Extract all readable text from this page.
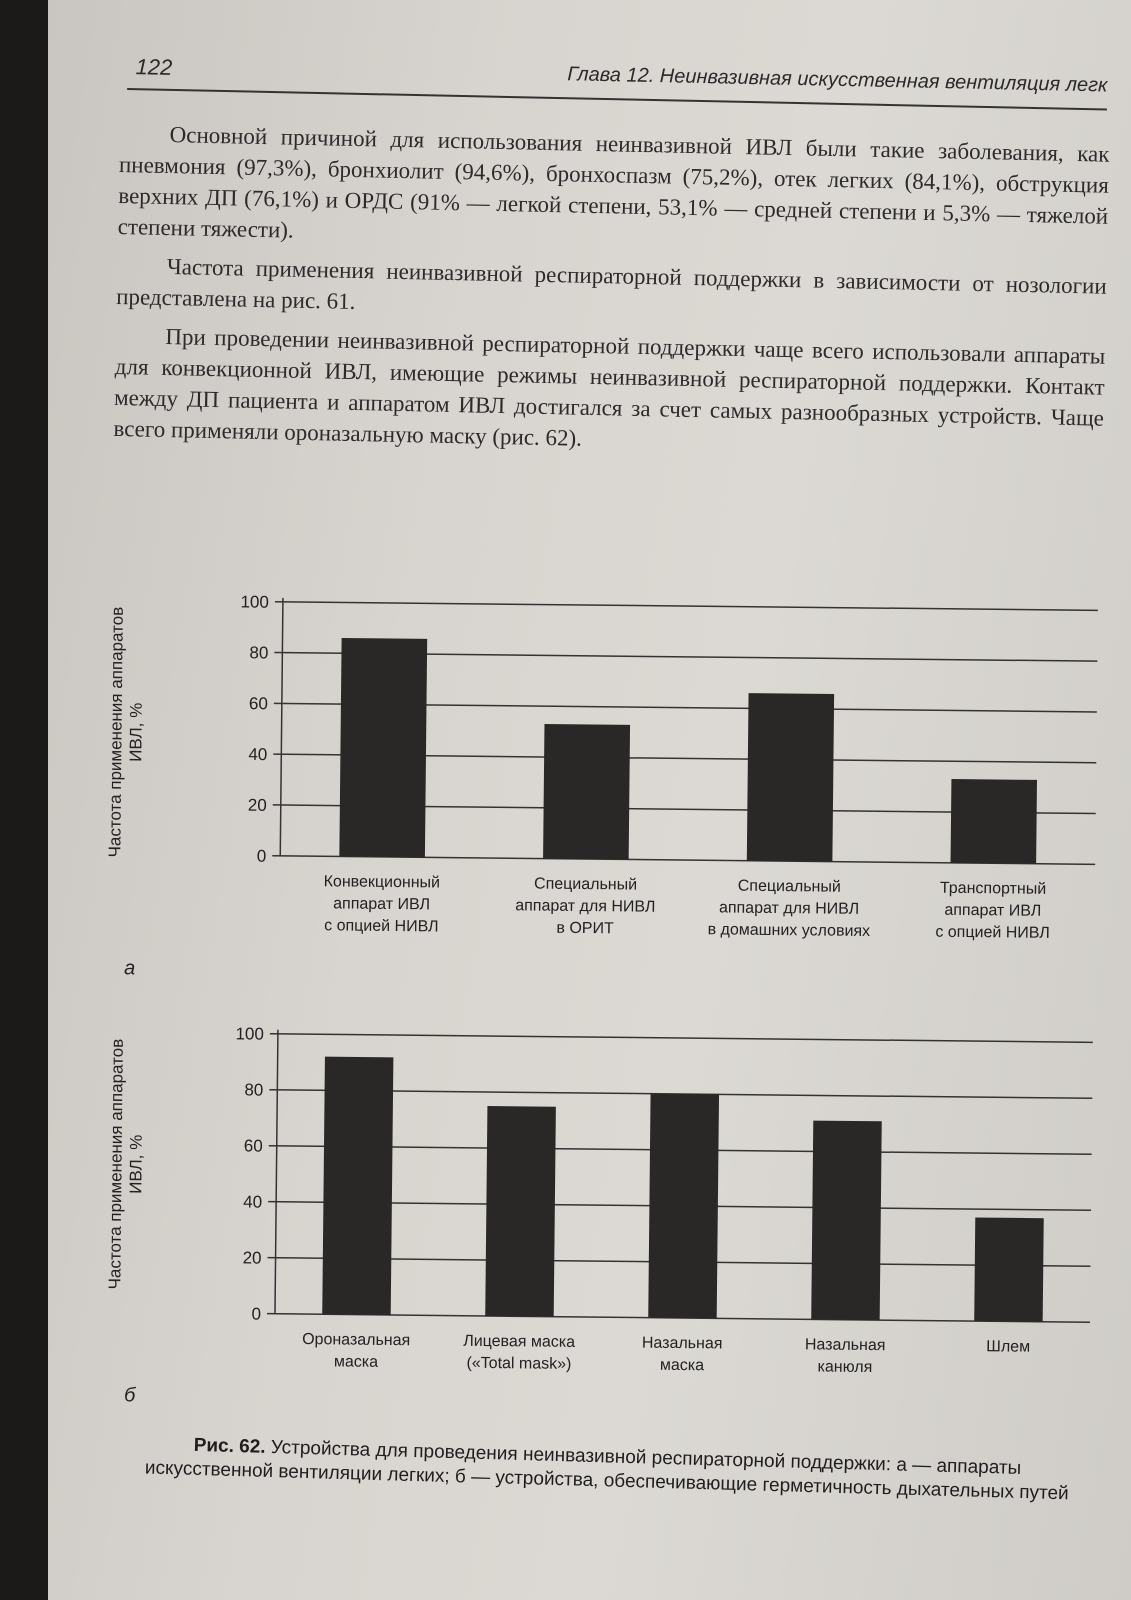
122	Глава 12. Неинвазивная искусственная вентиляция легк

Основной причиной для использования неинвазивной ИВЛ были такие заболевания, как пневмония (97,3%), бронхиолит (94,6%), бронхоспазм (75,2%), отек легких (84,1%), обструкция верхних ДП (76,1%) и ОРДС (91% — легкой степени, 53,1% — средней степени и 5,3% — тяжелой степени тяжести).

Частота применения неинвазивной респираторной поддержки в зависимости от нозологии представлена на рис. 61.

При проведении неинвазивной респираторной поддержки чаще всего использовали аппараты для конвекционной ИВЛ, имеющие режимы неинвазивной респираторной поддержки. Контакт между ДП пациента и аппаратом ИВЛ достигался за счет самых разнообразных устройств. Чаще всего применяли ороназальную маску (рис. 62).

Частота применения аппаратов ИВЛ, %
0
20
40
60
80
100
Конвекционный
аппарат ИВЛ
с опцией НИВЛ
Специальный
аппарат для НИВЛ
в ОРИТ
Специальный
аппарат для НИВЛ
в домашних условиях
Транспортный
аппарат ИВЛ
с опцией НИВЛ
а
Частота применения аппаратов ИВЛ, %
0
20
40
60
80
100
Ороназальная
маска
Лицевая маска
(«Total mask»)
Назальная
маска
Назальная
канюля
Шлем
б
Рис. 62. Устройства для проведения неинвазивной респираторной поддержки: а — аппараты искусственной вентиляции легких; б — устройства, обеспечивающие герметичность дыхательных путей
